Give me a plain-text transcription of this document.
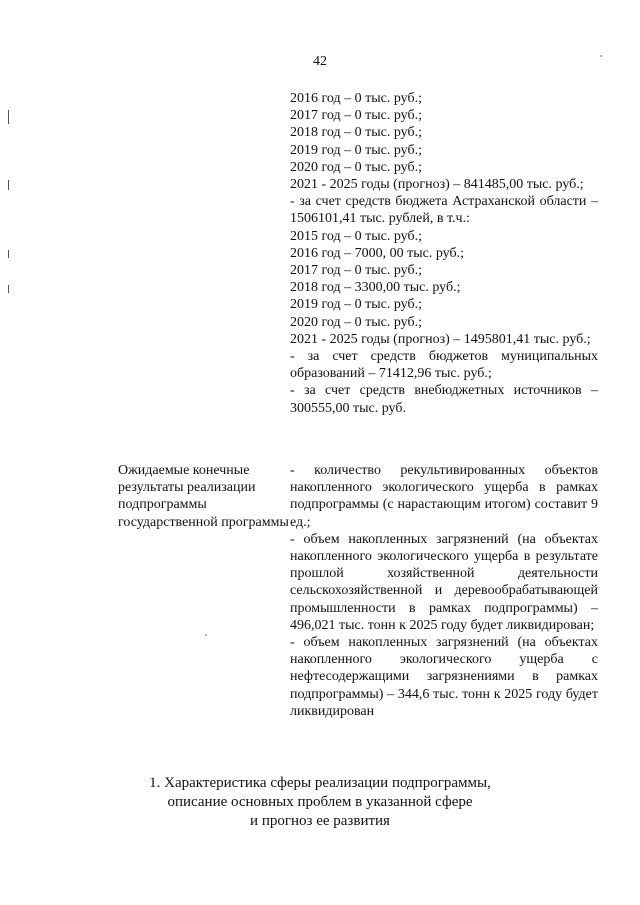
42
2016 год – 0 тыс. руб.;
2017 год – 0 тыс. руб.;
2018 год – 0 тыс. руб.;
2019 год – 0 тыс. руб.;
2020 год – 0 тыс. руб.;
2021 - 2025 годы (прогноз) – 841485,00 тыс. руб.;
- за счет средств бюджета Астраханской области – 1506101,41 тыс. рублей, в т.ч.:
2015 год – 0 тыс. руб.;
2016 год – 7000, 00 тыс. руб.;
2017 год – 0 тыс. руб.;
2018 год – 3300,00 тыс. руб.;
2019 год – 0 тыс. руб.;
2020 год – 0 тыс. руб.;
2021 - 2025 годы (прогноз) – 1495801,41 тыс. руб.;
- за счет средств бюджетов муниципальных образований – 71412,96 тыс. руб.;
- за счет средств внебюджетных источников – 300555,00 тыс. руб.
Ожидаемые конечные результаты реализации подпрограммы государственной программы
- количество рекультивированных объектов накопленного экологического ущерба в рамках подпрограммы (с нарастающим итогом) составит 9 ед.;
- объем накопленных загрязнений (на объектах накопленного экологического ущерба в результате прошлой хозяйственной деятельности сельскохозяйственной и деревообрабатывающей промышленности в рамках подпрограммы) – 496,021 тыс. тонн к 2025 году будет ликвидирован;
- объем накопленных загрязнений (на объектах накопленного экологического ущерба с нефтесодержащими загрязнениями в рамках подпрограммы) – 344,6 тыс. тонн к 2025 году будет ликвидирован
1. Характеристика сферы реализации подпрограммы,
описание основных проблем в указанной сфере
и прогноз ее развития
